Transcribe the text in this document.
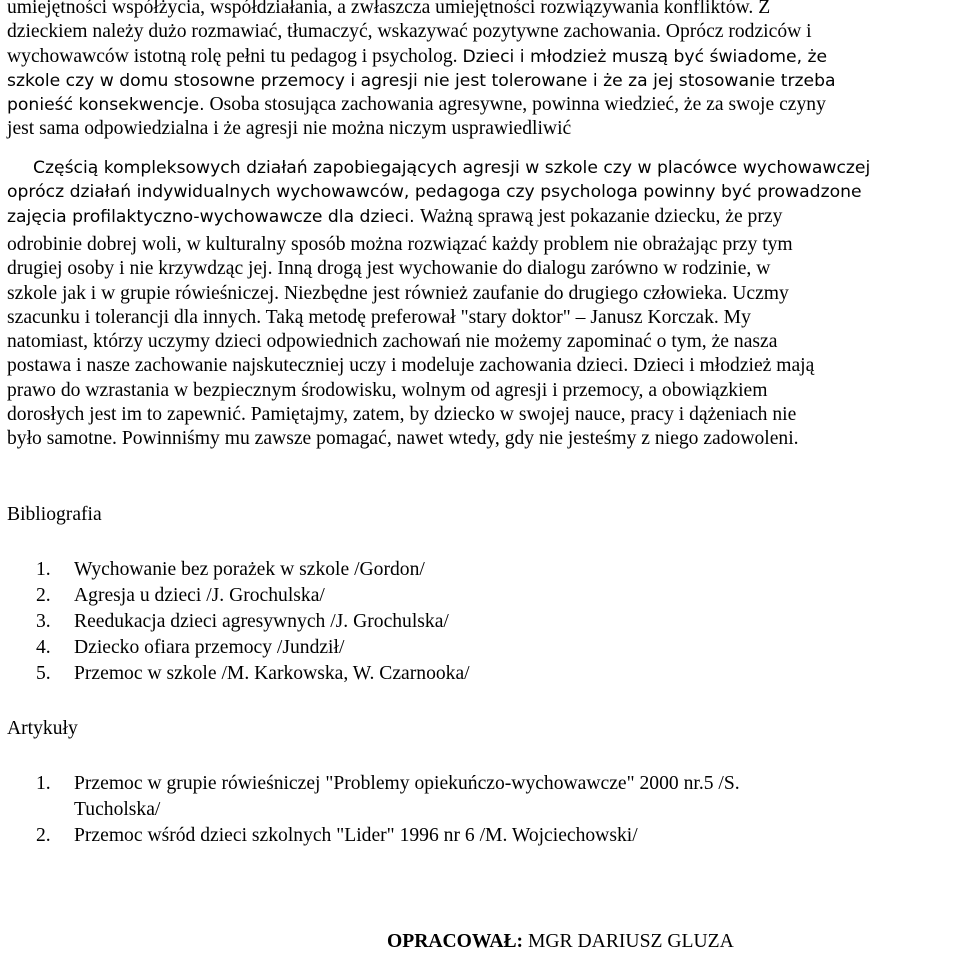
umiejętności współżycia, współdziałania, a zwłaszcza umiejętności rozwiązywania konfliktów. Z
dzieckiem należy dużo rozmawiać, tłumaczyć, wskazywać pozytywne zachowania. Oprócz rodziców i
wychowawców istotną rolę pełni tu pedagog i psycholog. Dzieci i młodzież muszą być świadome, że
szkole czy w domu stosowne przemocy i agresji nie jest tolerowane i że za jej stosowanie trzeba
ponieść konsekwencje. Osoba stosująca zachowania agresywne, powinna wiedzieć, że za swoje czyny
jest sama odpowiedzialna i że agresji nie można niczym usprawiedliwić

Częścią kompleksowych działań zapobiegających agresji w szkole czy w placówce wychowawczej
oprócz działań indywidualnych wychowawców, pedagoga czy psychologa powinny być prowadzone
zajęcia profilaktyczno-wychowawcze dla dzieci. Ważną sprawą jest pokazanie dziecku, że przy

odrobinie dobrej woli, w kulturalny sposób można rozwiązać każdy problem nie obrażając przy tym
drugiej osoby i nie krzywdząc jej. Inną drogą jest wychowanie do dialogu zarówno w rodzinie, w
szkole jak i w grupie rówieśniczej. Niezbędne jest również zaufanie do drugiego człowieka. Uczmy
szacunku i tolerancji dla innych. Taką metodę preferował "stary doktor" – Janusz Korczak. My
natomiast, którzy uczymy dzieci odpowiednich zachowań nie możemy zapominać o tym, że nasza
postawa i nasze zachowanie najskuteczniej uczy i modeluje zachowania dzieci. Dzieci i młodzież mają
prawo do wzrastania w bezpiecznym środowisku, wolnym od agresji i przemocy, a obowiązkiem
dorosłych jest im to zapewnić. Pamiętajmy, zatem, by dziecko w swojej nauce, pracy i dążeniach nie
było samotne. Powinniśmy mu zawsze pomagać, nawet wtedy, gdy nie jesteśmy z niego zadowoleni.

Bibliografia
1.	Wychowanie bez porażek w szkole /Gordon/
2.	Agresja u dzieci /J. Grochulska/
3.	Reedukacja dzieci agresywnych /J. Grochulska/
4.	Dziecko ofiara przemocy /Jundził/
5.	Przemoc w szkole /M. Karkowska, W. Czarnooka/
Artykuły
1.	Przemoc w grupie rówieśniczej "Problemy opiekuńczo-wychowawcze" 2000 nr.5 /S.
Tucholska/
2.	Przemoc wśród dzieci szkolnych "Lider" 1996 nr 6 /M. Wojciechowski/
OPRACOWAŁ: MGR DARIUSZ GLUZA
